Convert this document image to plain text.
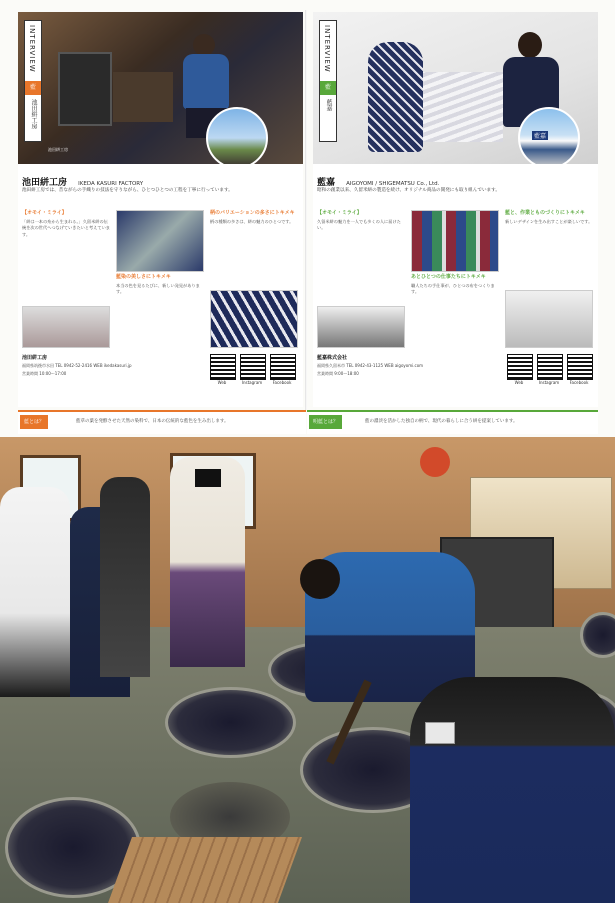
INTERVIEW
藍
池田絣工房
池田絣工房
池田絣工房 IKEDA KASURI FACTORY
池田絣工房では、昔ながらの手織りの技法を守りながら、ひとつひとつの工程を丁寧に行っています。
【オモイ・ミライ】
「絣は一本の糸から生まれる。」久留米絣の伝統を次の世代へつなげていきたいと考えています。
藍染の美しさにトキメキ
本当の色を見るたびに、新しい発見があります。
柄のバリエーションの多さにトキメキ
柄の種類の多さは、絣の魅力のひとつです。
池田絣工房
福岡県筑後市水田 TEL 0942-52-2416 WEB ikedakasuri.jp
営業時間 10:00〜17:00
Web	Instagram	Facebook
INTERVIEW
藍
藍嘉
藍嘉
藍嘉 AIGOYOMI / SHIGEMATSU Co., Ltd.
昭和の創業以来、久留米絣の製造を続け、オリジナル商品の開発にも取り組んでいます。
【オモイ・ミライ】
久留米絣の魅力を一人でも多くの人に届けたい。
あとひとつの仕事たちにトキメキ
職人たちの手仕事が、ひとつの布をつくります。
藍と、作業とものづくりにトキメキ
新しいデザインを生み出すことが楽しいです。
藍嘉株式会社
福岡県久留米市 TEL 0942-43-1125 WEB aigoyomi.com
営業時間 9:00〜18:00
Web	Instagram	Facebook
藍とは？	藍草の葉を発酵させた天然の染料で、日本の伝統的な藍色を生み出します。	明藍とは？	藍の濃淡を活かした独自の柄で、現代の暮らしに合う絣を提案しています。
